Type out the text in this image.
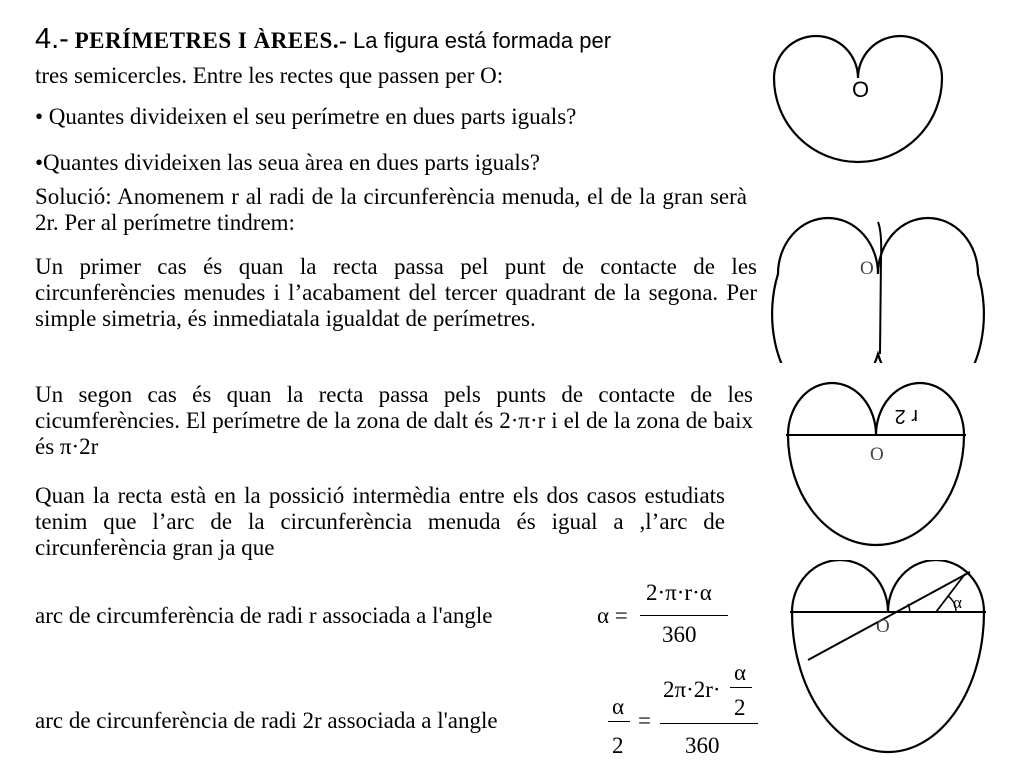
4.- PERÍMETRES I ÀREES.- La figura está formada per
tres semicercles. Entre les rectes que passen per O:
• Quantes divideixen el seu perímetre en dues parts iguals?
•Quantes divideixen las seua àrea en dues parts iguals?
Solució: Anomenem r al radi de la circunferència menuda, el de la gran serà 2r. Per al perímetre tindrem:
Un primer cas és quan la recta passa pel punt de contacte de les circunferències menudes i l’acabament del tercer quadrant de la segona. Per simple simetria, és inmediatala igualdat de perímetres.
Un segon cas és quan la recta passa pels punts de contacte de les cicumferències. El perímetre de la zona de dalt és 2·π·r i el de la zona de baix és π·2r
Quan la recta està en la possició intermèdia entre els dos casos estudiats tenim que l’arc de la circunferència menuda és igual a ,l’arc de circunferència gran ja que
arc de circumferència de radi r associada a l'angle	α =
2·π·r·α
360
arc de circunferència de radi 2r associada a l'angle
α
2
=
2π·2r·
α
2
360
O
O
r 2
O
α
O
